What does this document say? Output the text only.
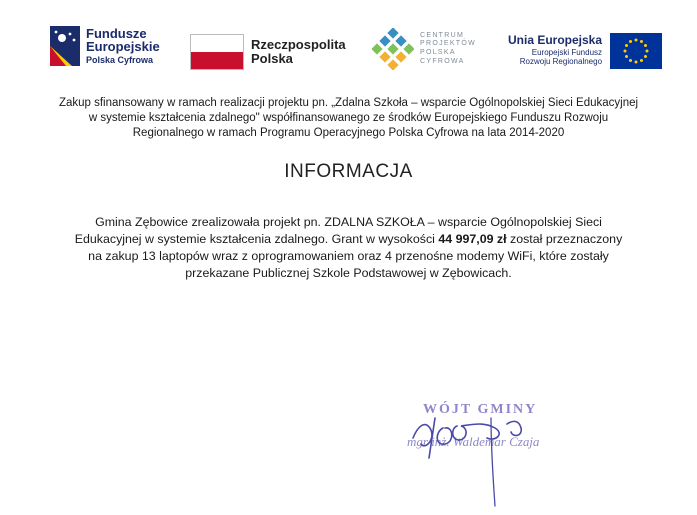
Fundusze
Europejskie
Polska Cyfrowa
Rzeczpospolita
Polska
CENTRUM
PROJEKTÓW
POLSKA
CYFROWA
Unia Europejska
Europejski Fundusz
Rozwoju Regionalnego
Zakup sfinansowany w ramach realizacji projektu pn. „Zdalna Szkoła – wsparcie Ogólnopolskiej Sieci Edukacyjnej
w systemie kształcenia zdalnego" współfinansowanego ze środków Europejskiego Funduszu Rozwoju
Regionalnego w ramach Programu Operacyjnego Polska Cyfrowa na lata 2014-2020
INFORMACJA
Gmina Zębowice zrealizowała projekt pn. ZDALNA SZKOŁA – wsparcie Ogólnopolskiej Sieci
Edukacyjnej w systemie kształcenia zdalnego. Grant w wysokości 44 997,09 zł został przeznaczony
na zakup 13 laptopów wraz z oprogramowaniem oraz 4 przenośne modemy WiFi, które zostały
przekazane Publicznej Szkole Podstawowej w Zębowicach.
WÓJT GMINY
mgr inż. Waldemar Czaja
